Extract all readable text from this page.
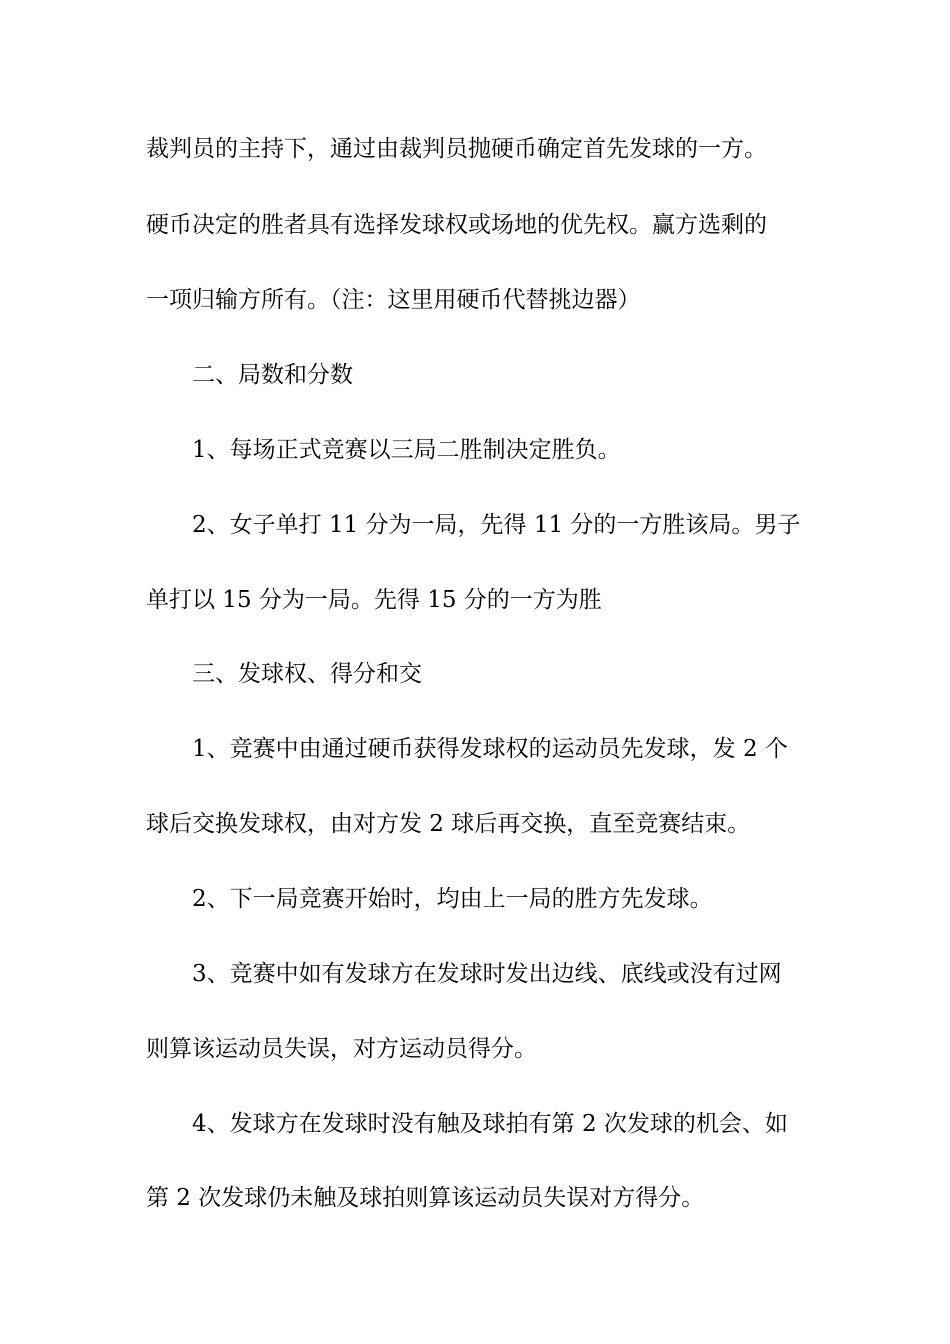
裁判员的主持下，通过由裁判员抛硬币确定首先发球的一方。
硬币决定的胜者具有选择发球权或场地的优先权。赢方选剩的
一项归输方所有。（注：这里用硬币代替挑边器）
二、局数和分数
1、每场正式竞赛以三局二胜制决定胜负。
2、女子单打 11 分为一局，先得 11 分的一方胜该局。男子
单打以 15 分为一局。先得 15 分的一方为胜
三、发球权、得分和交
1、竞赛中由通过硬币获得发球权的运动员先发球，发 2 个
球后交换发球权，由对方发 2 球后再交换，直至竞赛结束。
2、下一局竞赛开始时，均由上一局的胜方先发球。
3、竞赛中如有发球方在发球时发出边线、底线或没有过网
则算该运动员失误，对方运动员得分。
4、发球方在发球时没有触及球拍有第 2 次发球的机会、如
第 2 次发球仍未触及球拍则算该运动员失误对方得分。
